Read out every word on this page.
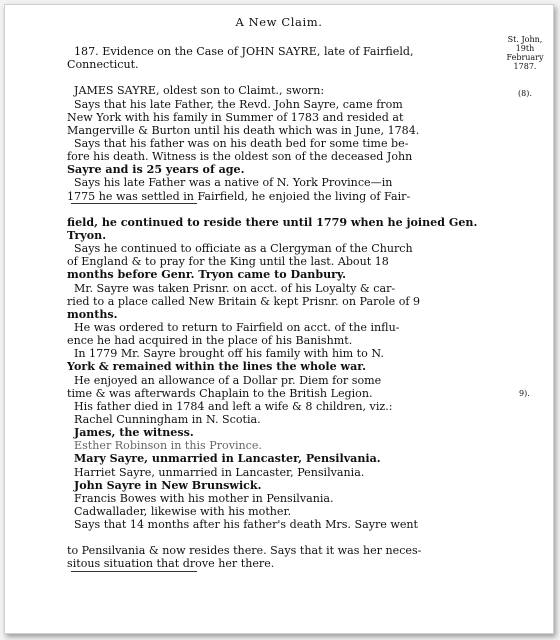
A New Claim.
St. John,
19th February
1787.
(8).
9).
187. Evidence on the Case of JOHN SAYRE, late of Fairfield,
Connecticut.
JAMES SAYRE, oldest son to Claimt., sworn:
Says that his late Father, the Revd. John Sayre, came from
New York with his family in Summer of 1783 and resided at
Mangerville & Burton until his death which was in June, 1784.
Says that his father was on his death bed for some time be-
fore his death. Witness is the oldest son of the deceased John
Sayre and is 25 years of age.
Says his late Father was a native of N. York Province—in
1775 he was settled in Fairfield, he enjoied the living of Fair-
field, he continued to reside there until 1779 when he joined Gen.
Tryon.
Says he continued to officiate as a Clergyman of the Church
of England & to pray for the King until the last. About 18
months before Genr. Tryon came to Danbury.
Mr. Sayre was taken Prisnr. on acct. of his Loyalty & car-
ried to a place called New Britain & kept Prisnr. on Parole of 9
months.
He was ordered to return to Fairfield on acct. of the influ-
ence he had acquired in the place of his Banishmt.
In 1779 Mr. Sayre brought off his family with him to N.
York & remained within the lines the whole war.
He enjoyed an allowance of a Dollar pr. Diem for some
time & was afterwards Chaplain to the British Legion.
His father died in 1784 and left a wife & 8 children, viz.:
Rachel Cunningham in N. Scotia.
James, the witness.
Esther Robinson in this Province.
Mary Sayre, unmarried in Lancaster, Pensilvania.
Harriet Sayre, unmarried in Lancaster, Pensilvania.
John Sayre in New Brunswick.
Francis Bowes with his mother in Pensilvania.
Cadwallader, likewise with his mother.
Says that 14 months after his father's death Mrs. Sayre went
to Pensilvania & now resides there. Says that it was her neces-
sitous situation that drove her there.
